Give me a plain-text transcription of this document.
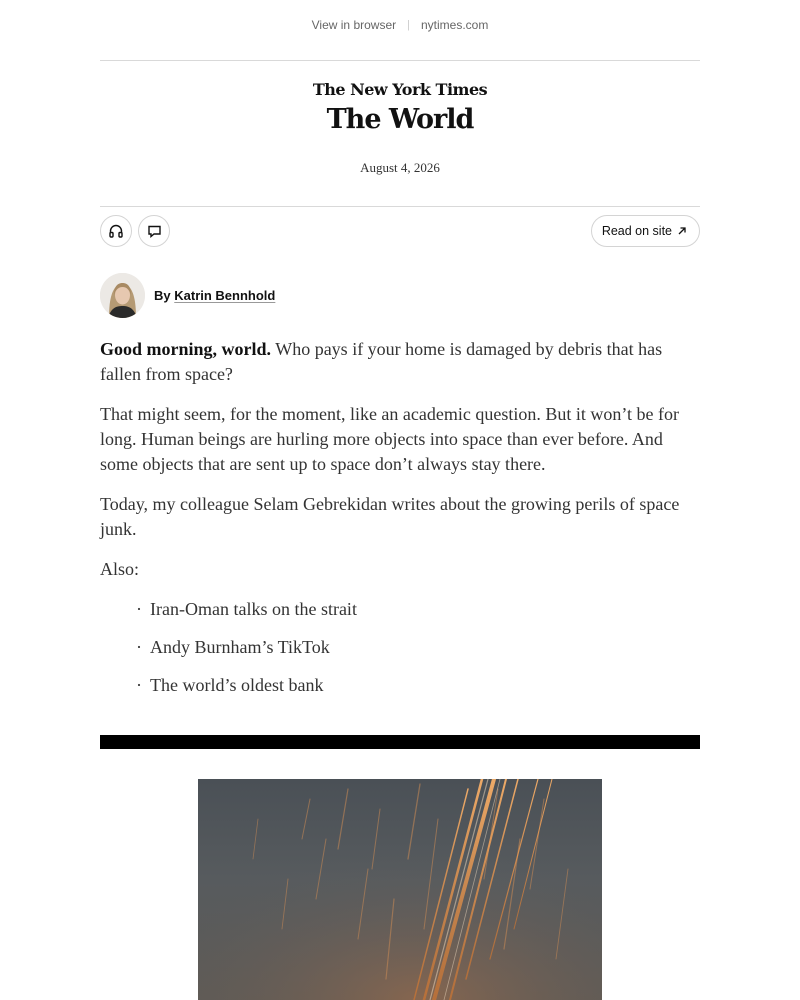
View in browser | nytimes.com
The New York Times
The World
August 4, 2026
Read on site
By Katrin Bennhold

Good morning, world. Who pays if your home is damaged by debris that has fallen from space?

That might seem, for the moment, like an academic question. But it won’t be for long. Human beings are hurling more objects into space than ever before. And some objects that are sent up to space don’t always stay there.

Today, my colleague Selam Gebrekidan writes about the growing perils of space junk.

Also:

· Iran-Oman talks on the strait
· Andy Burnham’s TikTok
· The world’s oldest bank
